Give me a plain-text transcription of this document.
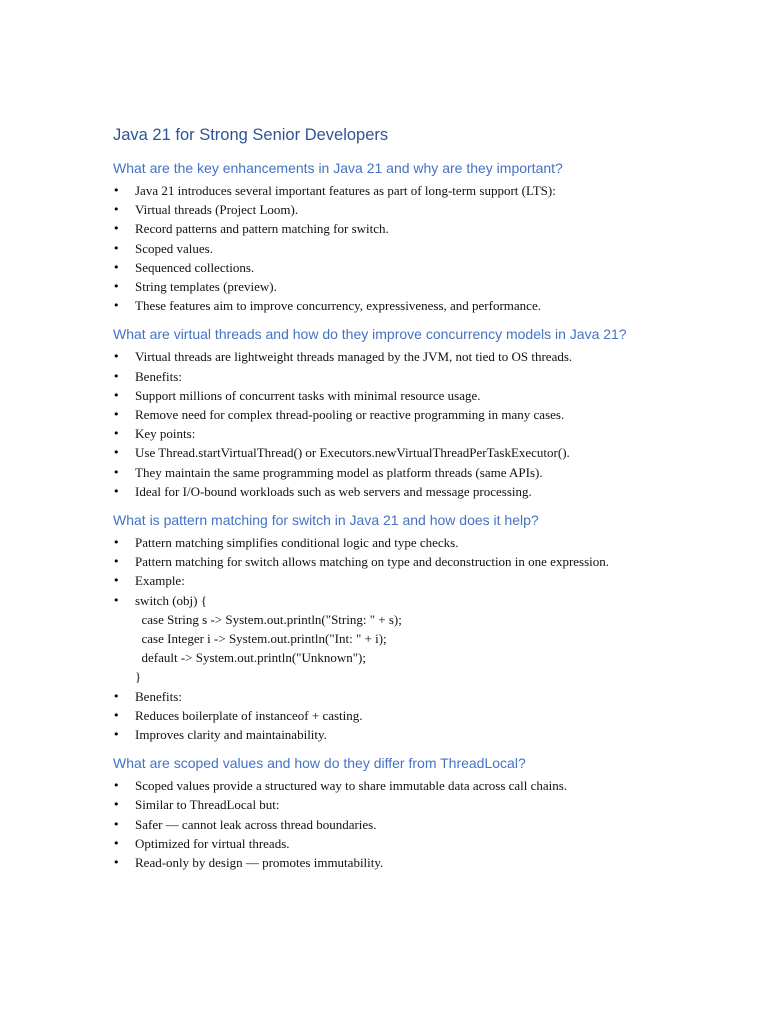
Java 21 for Strong Senior Developers
What are the key enhancements in Java 21 and why are they important?
•	Java 21 introduces several important features as part of long-term support (LTS):
•	Virtual threads (Project Loom).
•	Record patterns and pattern matching for switch.
•	Scoped values.
•	Sequenced collections.
•	String templates (preview).
•	These features aim to improve concurrency, expressiveness, and performance.
What are virtual threads and how do they improve concurrency models in Java 21?
•	Virtual threads are lightweight threads managed by the JVM, not tied to OS threads.
•	Benefits:
•	Support millions of concurrent tasks with minimal resource usage.
•	Remove need for complex thread-pooling or reactive programming in many cases.
•	Key points:
•	Use Thread.startVirtualThread() or Executors.newVirtualThreadPerTaskExecutor().
•	They maintain the same programming model as platform threads (same APIs).
•	Ideal for I/O-bound workloads such as web servers and message processing.
What is pattern matching for switch in Java 21 and how does it help?
•	Pattern matching simplifies conditional logic and type checks.
•	Pattern matching for switch allows matching on type and deconstruction in one expression.
•	Example:
•	switch (obj) {
case String s -> System.out.println("String: " + s);
case Integer i -> System.out.println("Int: " + i);
default -> System.out.println("Unknown");
}
•	Benefits:
•	Reduces boilerplate of instanceof + casting.
•	Improves clarity and maintainability.
What are scoped values and how do they differ from ThreadLocal?
•	Scoped values provide a structured way to share immutable data across call chains.
•	Similar to ThreadLocal but:
•	Safer — cannot leak across thread boundaries.
•	Optimized for virtual threads.
•	Read-only by design — promotes immutability.
